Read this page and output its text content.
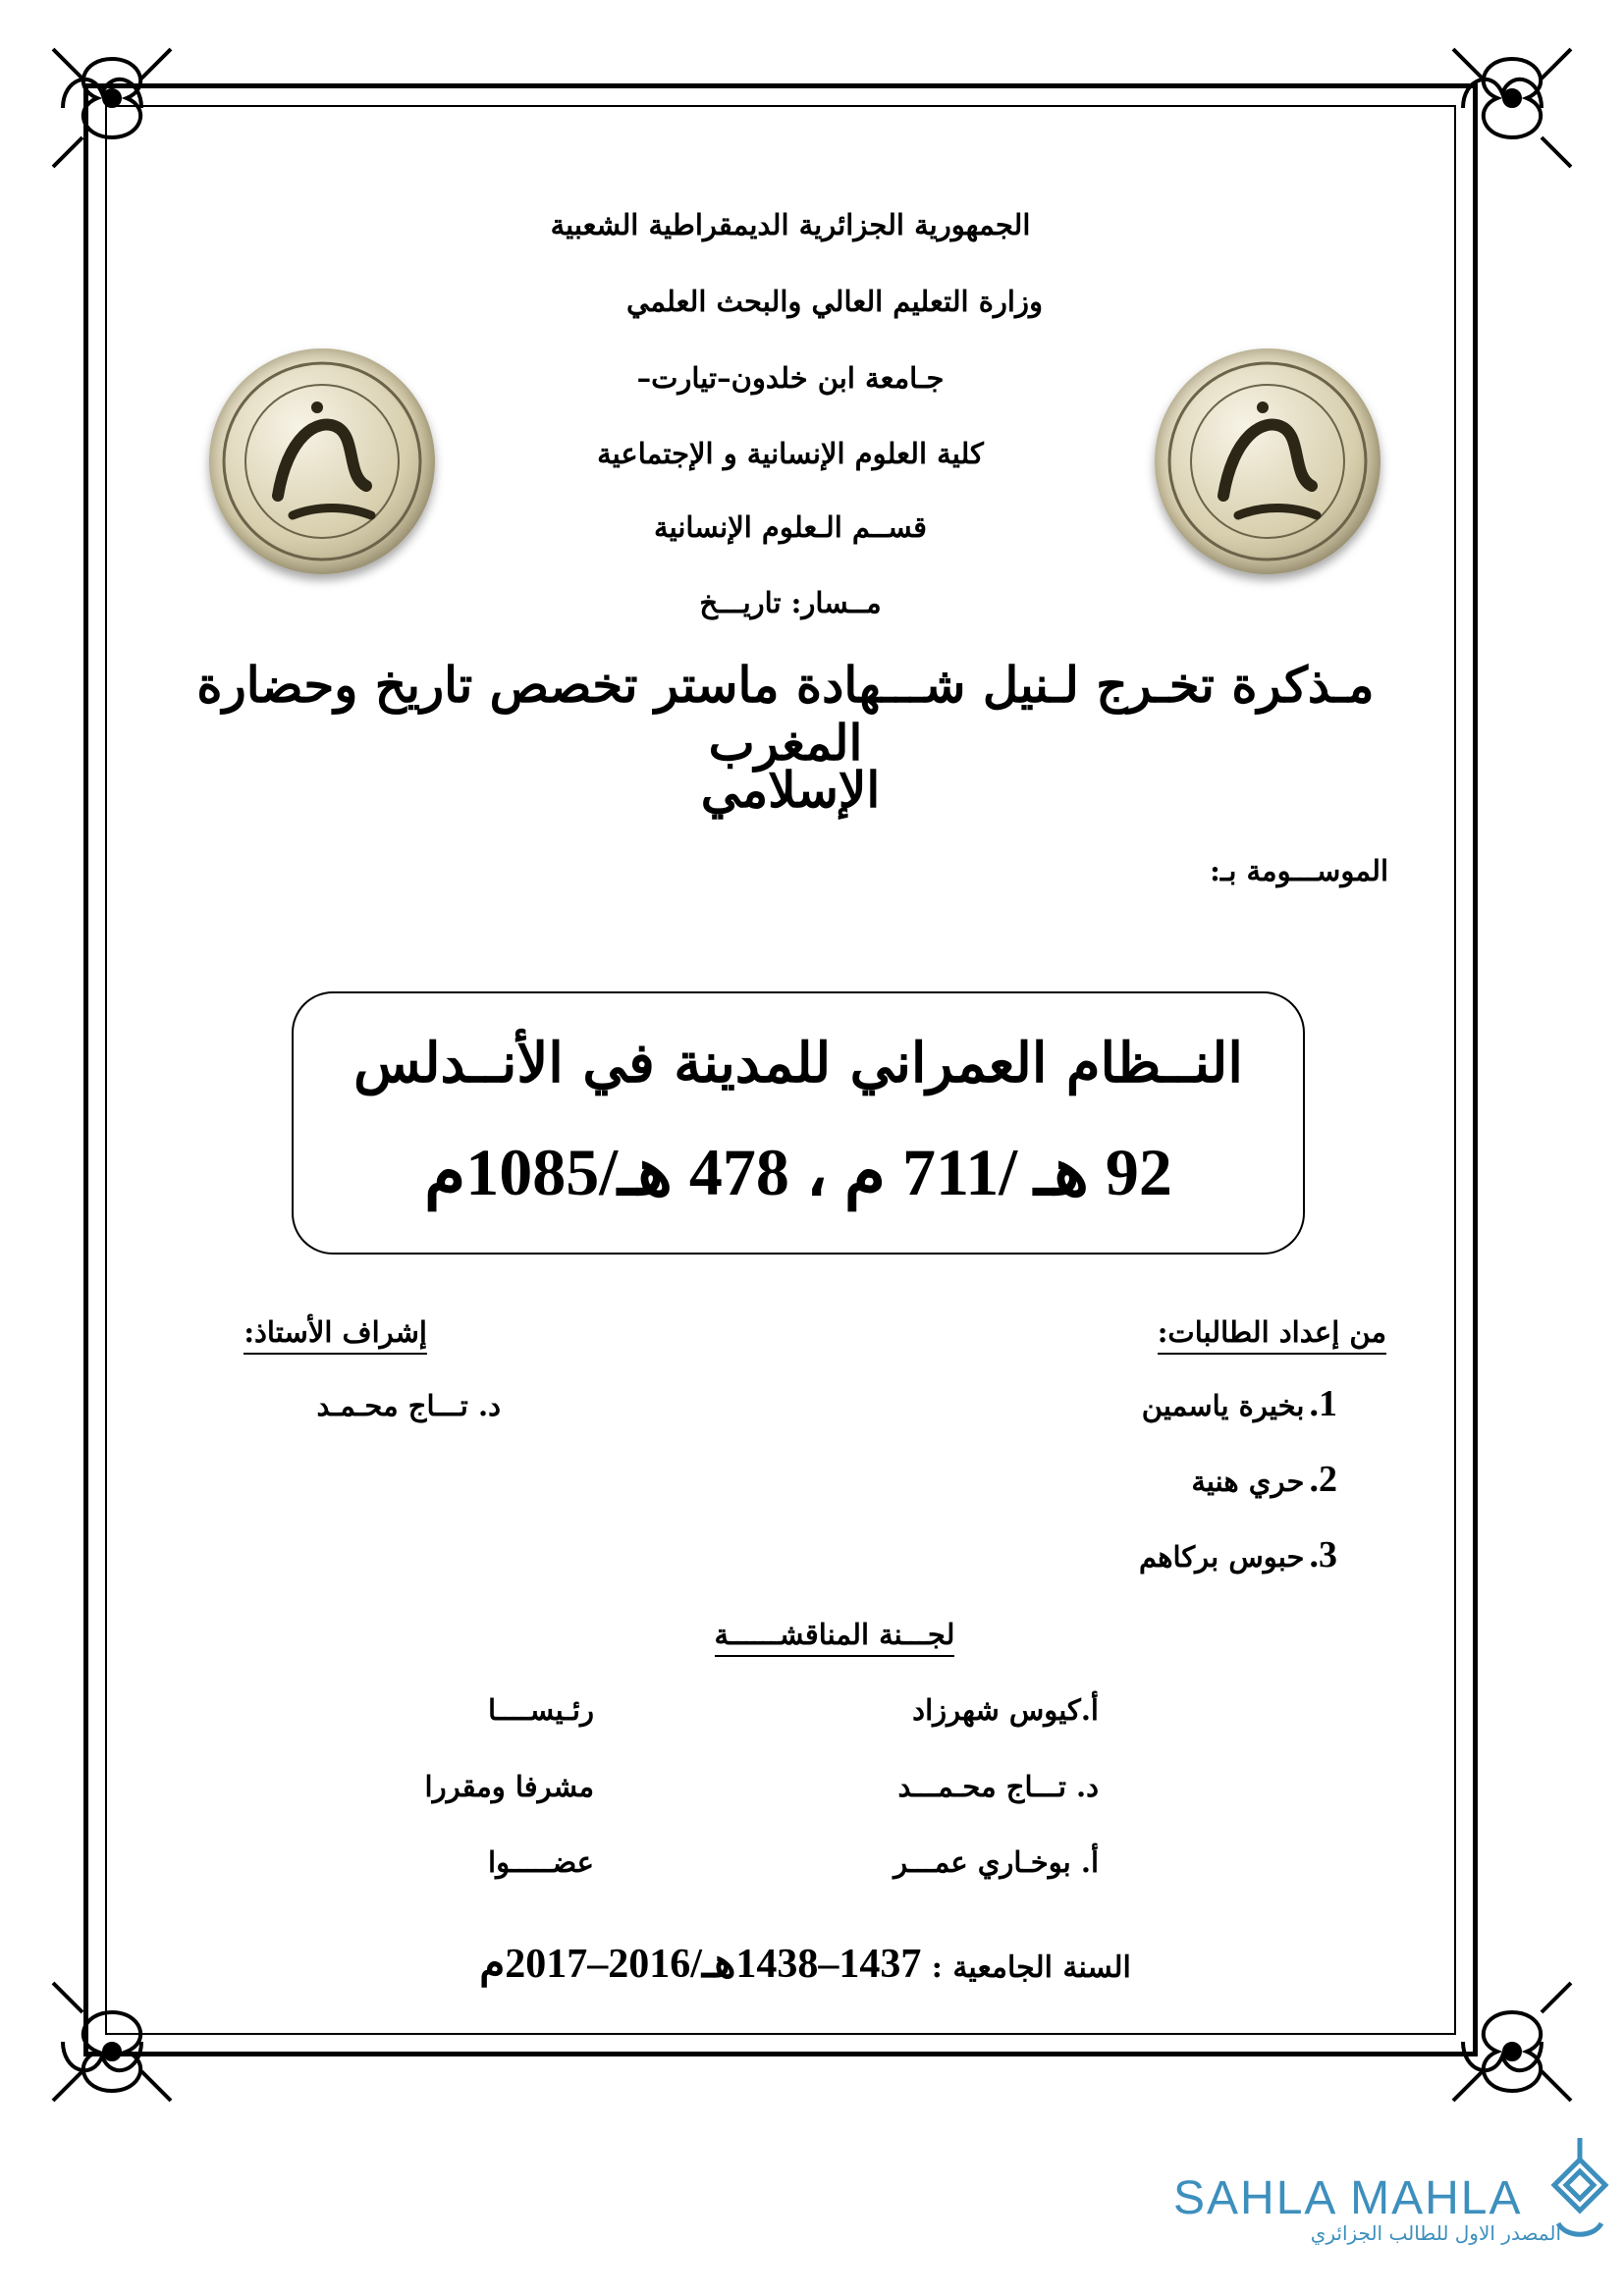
الجمهورية الجزائرية الديمقراطية الشعبية
وزارة التعليم العالي والبحث العلمي
جـامعة ابن خلدون–تيارت–
كلية العلوم الإنسانية و الإجتماعية
قســم الـعلوم الإنسانية
مــسار: تاريـــخ
مـذكرة تخـرج لـنيل شـــهادة ماستر تخصص تاريخ وحضارة المغرب
الإسلامي
الموســـومة بـ:
النــظام العمراني للمدينة في الأنــدلس
92 هـ /711 م ، 478 هـ/1085م
من إعداد الطالبات:
1. بخيرة ياسمين
2. حري هنية
3. حبوس بركاهم
إشراف الأستاذ:
د. تـــاج محـمـد
لجـــنة المناقشــــــة
أ.كيوس شهرزاد
رئـيســــا
د. تـــاج محـمـــد
مشرفا ومقررا
أ. بوخـاري عمـــر
عضـــــوا
السنة الجامعية : 1437–1438هـ/2016–2017م
SAHLA MAHLA
المصدر الاول للطالب الجزائري
